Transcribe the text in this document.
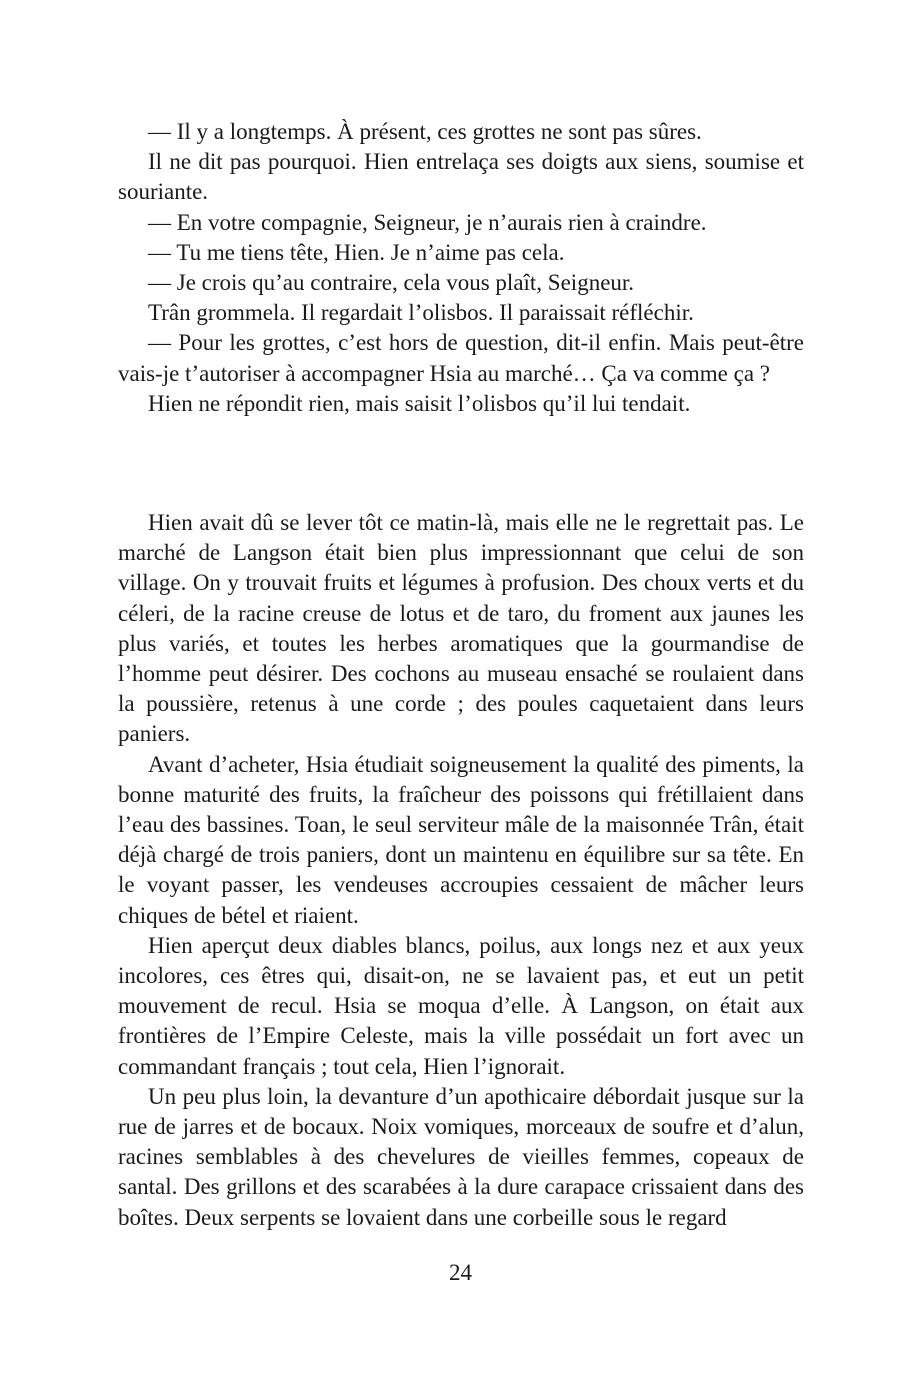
— Il y a longtemps. À présent, ces grottes ne sont pas sûres.

Il ne dit pas pourquoi. Hien entrelaça ses doigts aux siens, soumise et souriante.

— En votre compagnie, Seigneur, je n’aurais rien à craindre.

— Tu me tiens tête, Hien. Je n’aime pas cela.

— Je crois qu’au contraire, cela vous plaît, Seigneur.

Trân grommela. Il regardait l’olisbos. Il paraissait réfléchir.

— Pour les grottes, c’est hors de question, dit-il enfin. Mais peut-être vais-je t’autoriser à accompagner Hsia au marché… Ça va comme ça ?

Hien ne répondit rien, mais saisit l’olisbos qu’il lui tendait.

Hien avait dû se lever tôt ce matin-là, mais elle ne le regrettait pas. Le marché de Langson était bien plus impressionnant que celui de son village. On y trouvait fruits et légumes à profusion. Des choux verts et du céleri, de la racine creuse de lotus et de taro, du froment aux jaunes les plus variés, et toutes les herbes aromatiques que la gourmandise de l’homme peut désirer. Des cochons au museau ensaché se roulaient dans la poussière, retenus à une corde ; des poules caquetaient dans leurs paniers.

Avant d’acheter, Hsia étudiait soigneusement la qualité des piments, la bonne maturité des fruits, la fraîcheur des poissons qui frétillaient dans l’eau des bassines. Toan, le seul serviteur mâle de la maisonnée Trân, était déjà chargé de trois paniers, dont un maintenu en équilibre sur sa tête. En le voyant passer, les vendeuses accroupies cessaient de mâcher leurs chiques de bétel et riaient.

Hien aperçut deux diables blancs, poilus, aux longs nez et aux yeux incolores, ces êtres qui, disait-on, ne se lavaient pas, et eut un petit mouvement de recul. Hsia se moqua d’elle. À Langson, on était aux frontières de l’Empire Celeste, mais la ville possédait un fort avec un commandant français ; tout cela, Hien l’ignorait.

Un peu plus loin, la devanture d’un apothicaire débordait jusque sur la rue de jarres et de bocaux. Noix vomiques, morceaux de soufre et d’alun, racines semblables à des chevelures de vieilles femmes, copeaux de santal. Des grillons et des scarabées à la dure carapace crissaient dans des boîtes. Deux serpents se lovaient dans une corbeille sous le regard

24
